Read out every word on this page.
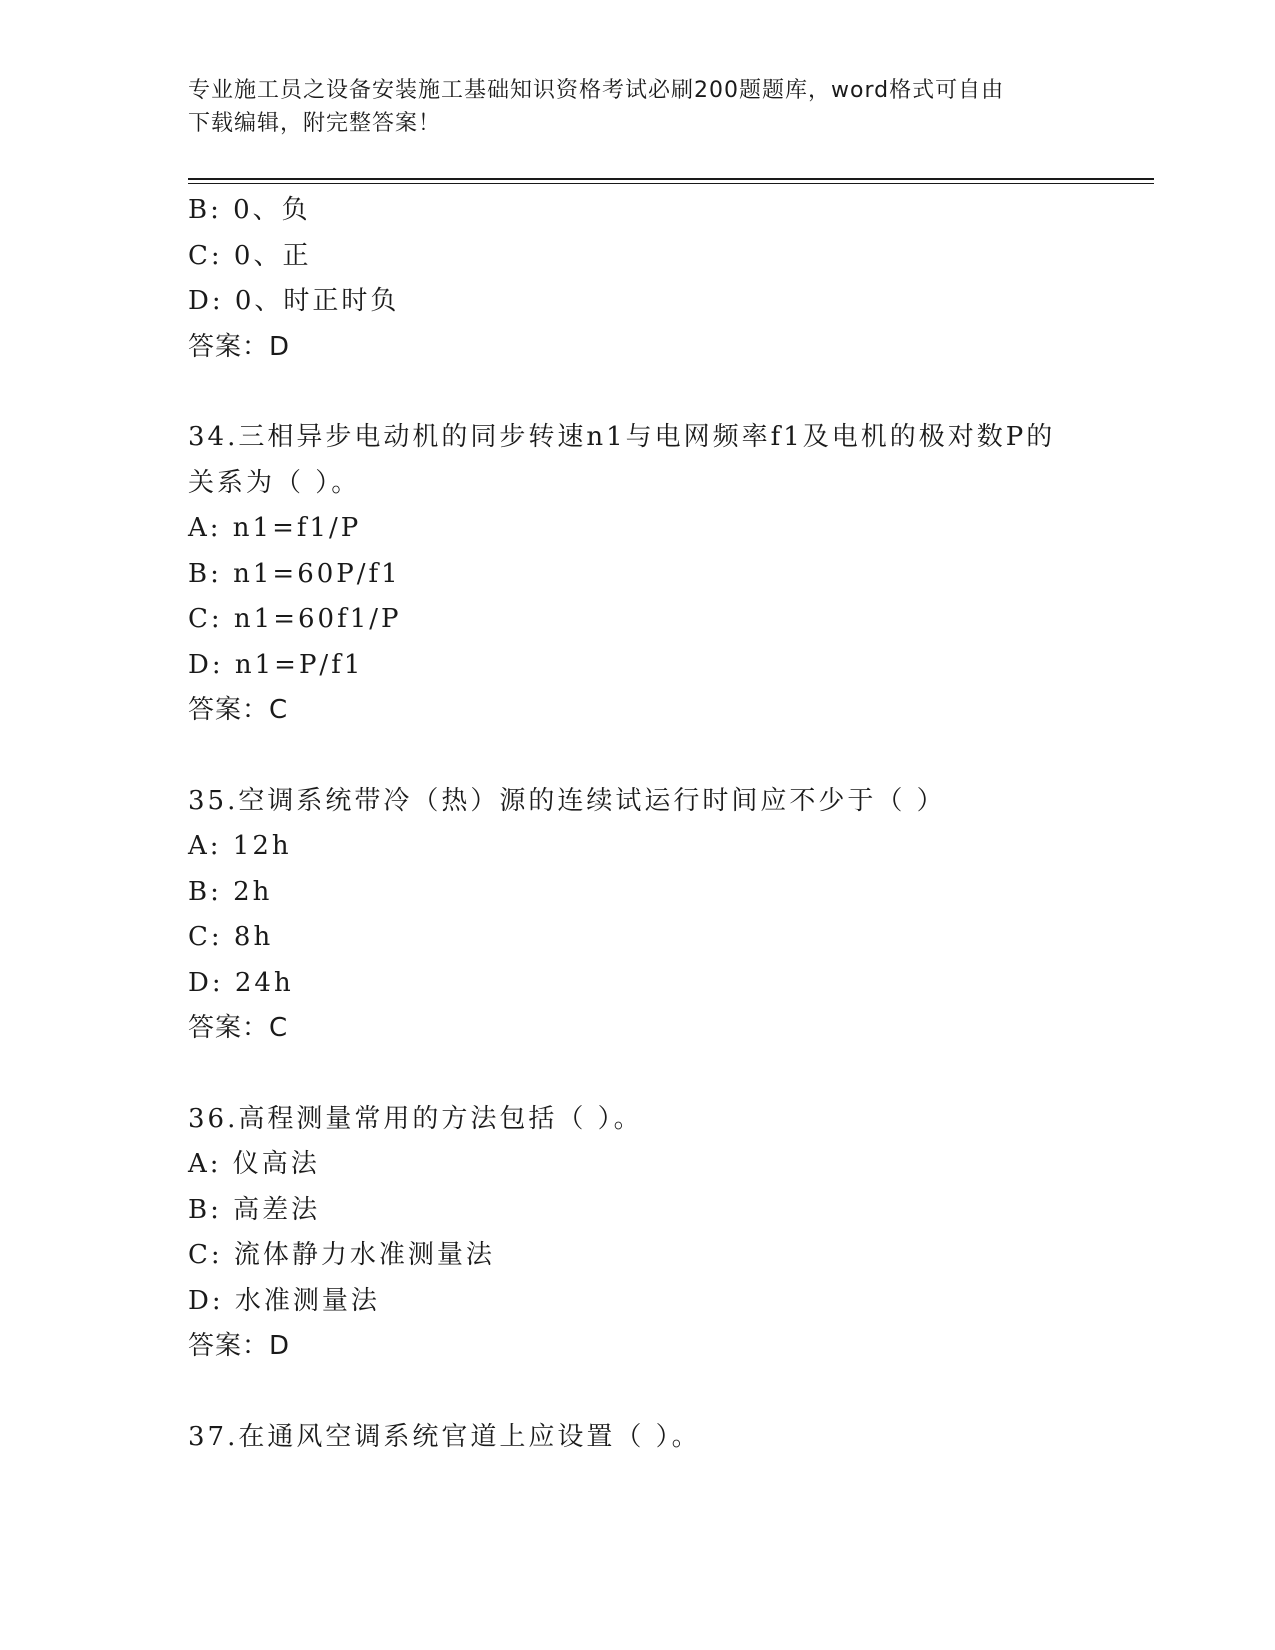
专业施工员之设备安装施工基础知识资格考试必刷200题题库，word格式可自由
下载编辑，附完整答案！
B: 0、负
C: 0、正
D: 0、时正时负
答案：D
34.三相异步电动机的同步转速n1与电网频率f1及电机的极对数P的
关系为（ ）。
A: n1=f1/P
B: n1=60P/f1
C: n1=60f1/P
D: n1=P/f1
答案：C
35.空调系统带冷（热）源的连续试运行时间应不少于（ ）
A: 12h
B: 2h
C: 8h
D: 24h
答案：C
36.高程测量常用的方法包括（ ）。
A: 仪高法
B: 高差法
C: 流体静力水准测量法
D: 水准测量法
答案：D
37.在通风空调系统官道上应设置（ ）。
